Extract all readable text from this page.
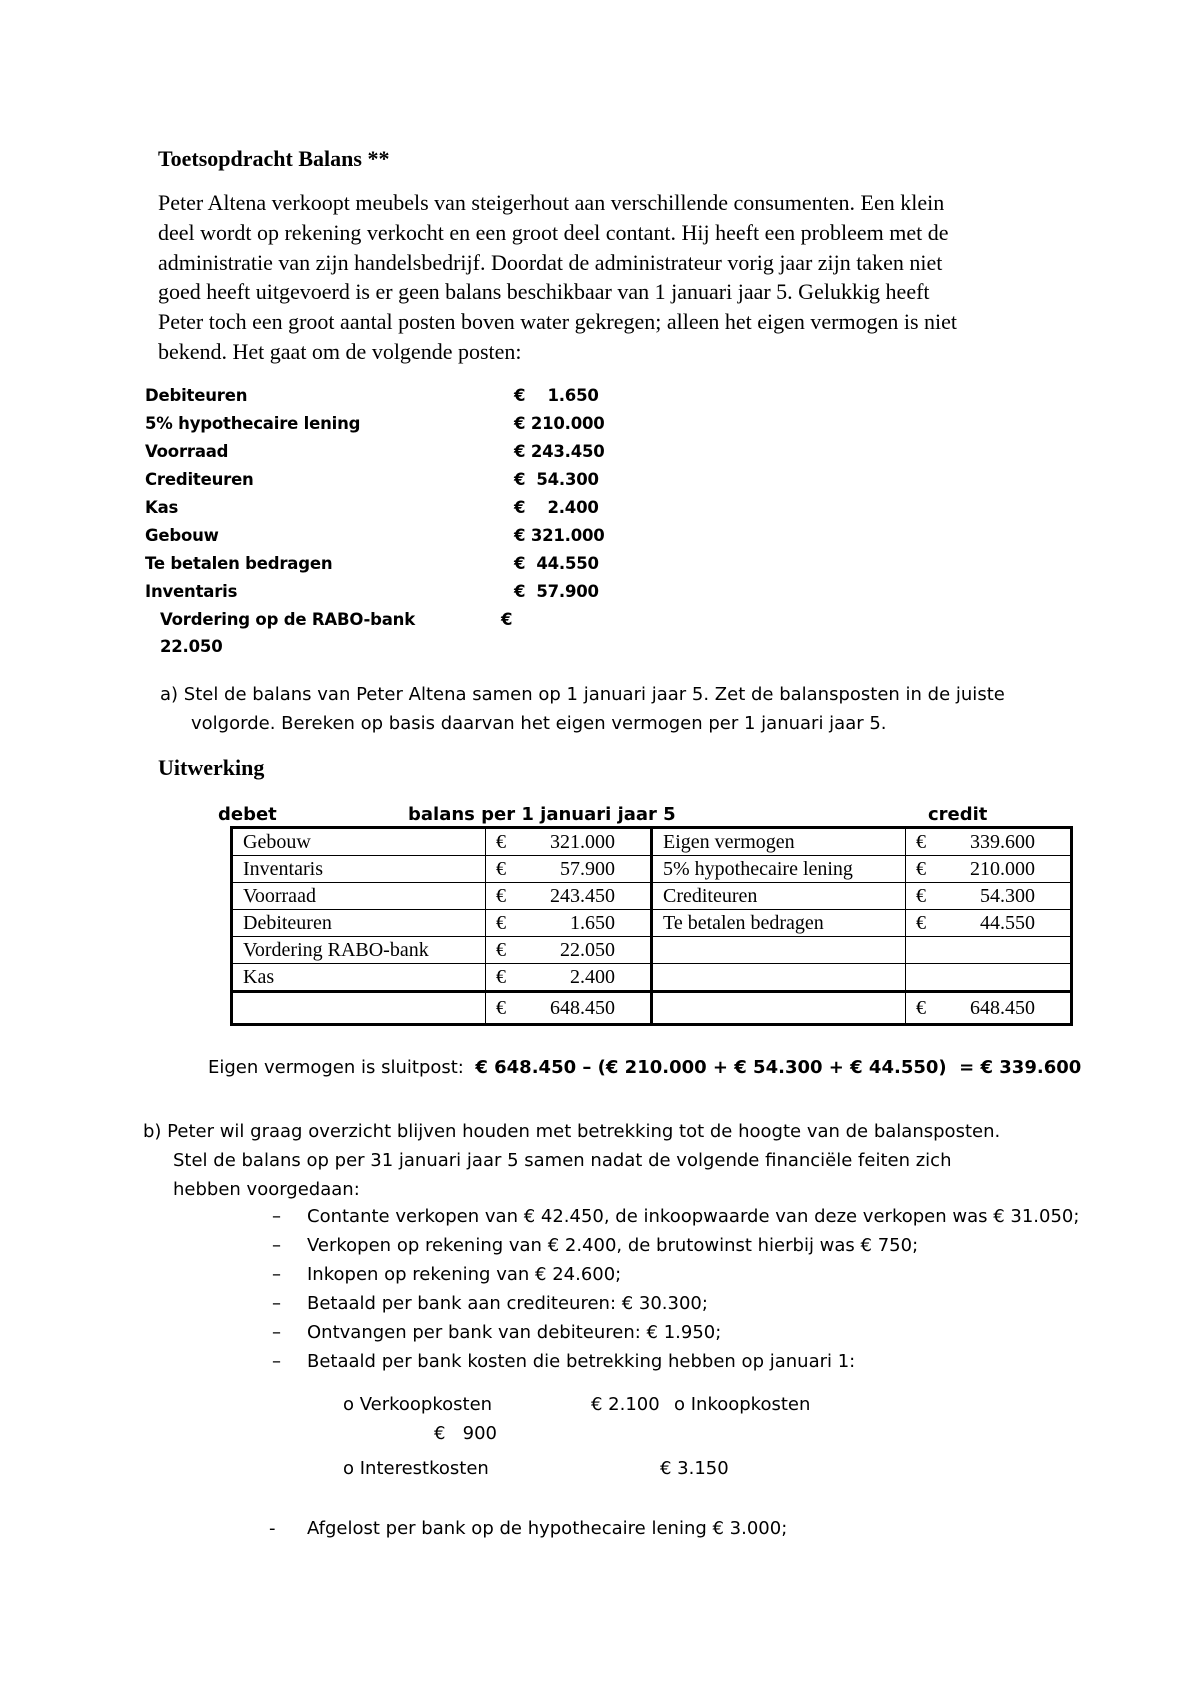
Toetsopdracht Balans **
Peter Altena verkoopt meubels van steigerhout aan verschillende consumenten. Een klein
deel wordt op rekening verkocht en een groot deel contant. Hij heeft een probleem met de
administratie van zijn handelsbedrijf. Doordat de administrateur vorig jaar zijn taken niet
goed heeft uitgevoerd is er geen balans beschikbaar van 1 januari jaar 5. Gelukkig heeft
Peter toch een groot aantal posten boven water gekregen; alleen het eigen vermogen is niet
bekend. Het gaat om de volgende posten:
Debiteuren	€    1.650
5% hypothecaire lening	€ 210.000
Voorraad	€ 243.450
Crediteuren	€  54.300
Kas	€    2.400
Gebouw	€ 321.000
Te betalen bedragen	€  44.550
Inventaris	€  57.900
Vordering op de RABO-bank	€
22.050
a) Stel de balans van Peter Altena samen op 1 januari jaar 5. Zet de balansposten in de juiste
volgorde. Bereken op basis daarvan het eigen vermogen per 1 januari jaar 5.
Uitwerking
debet	balans per 1 januari jaar 5	credit
Gebouw	€ 321.000	Eigen vermogen	€ 339.600
Inventaris	€ 57.900	5% hypothecaire lening	€ 210.000
Voorraad	€ 243.450	Crediteuren	€ 54.300
Debiteuren	€ 1.650	Te betalen bedragen	€ 44.550
Vordering RABO-bank	€ 22.050		
Kas	€ 2.400		
	€ 648.450		€ 648.450
Eigen vermogen is sluitpost: € 648.450 – (€ 210.000 + € 54.300 + € 44.550)  = € 339.600
b) Peter wil graag overzicht blijven houden met betrekking tot de hoogte van de balansposten.
Stel de balans op per 31 januari jaar 5 samen nadat de volgende financiële feiten zich
hebben voorgedaan:
– Contante verkopen van € 42.450, de inkoopwaarde van deze verkopen was € 31.050;
– Verkopen op rekening van € 2.400, de brutowinst hierbij was € 750;
– Inkopen op rekening van € 24.600;
– Betaald per bank aan crediteuren: € 30.300;
– Ontvangen per bank van debiteuren: € 1.950;
– Betaald per bank kosten die betrekking hebben op januari 1:
o Verkoopkosten	€ 2.100 o Inkoopkosten
€   900
o Interestkosten	€ 3.150
- Afgelost per bank op de hypothecaire lening € 3.000;
